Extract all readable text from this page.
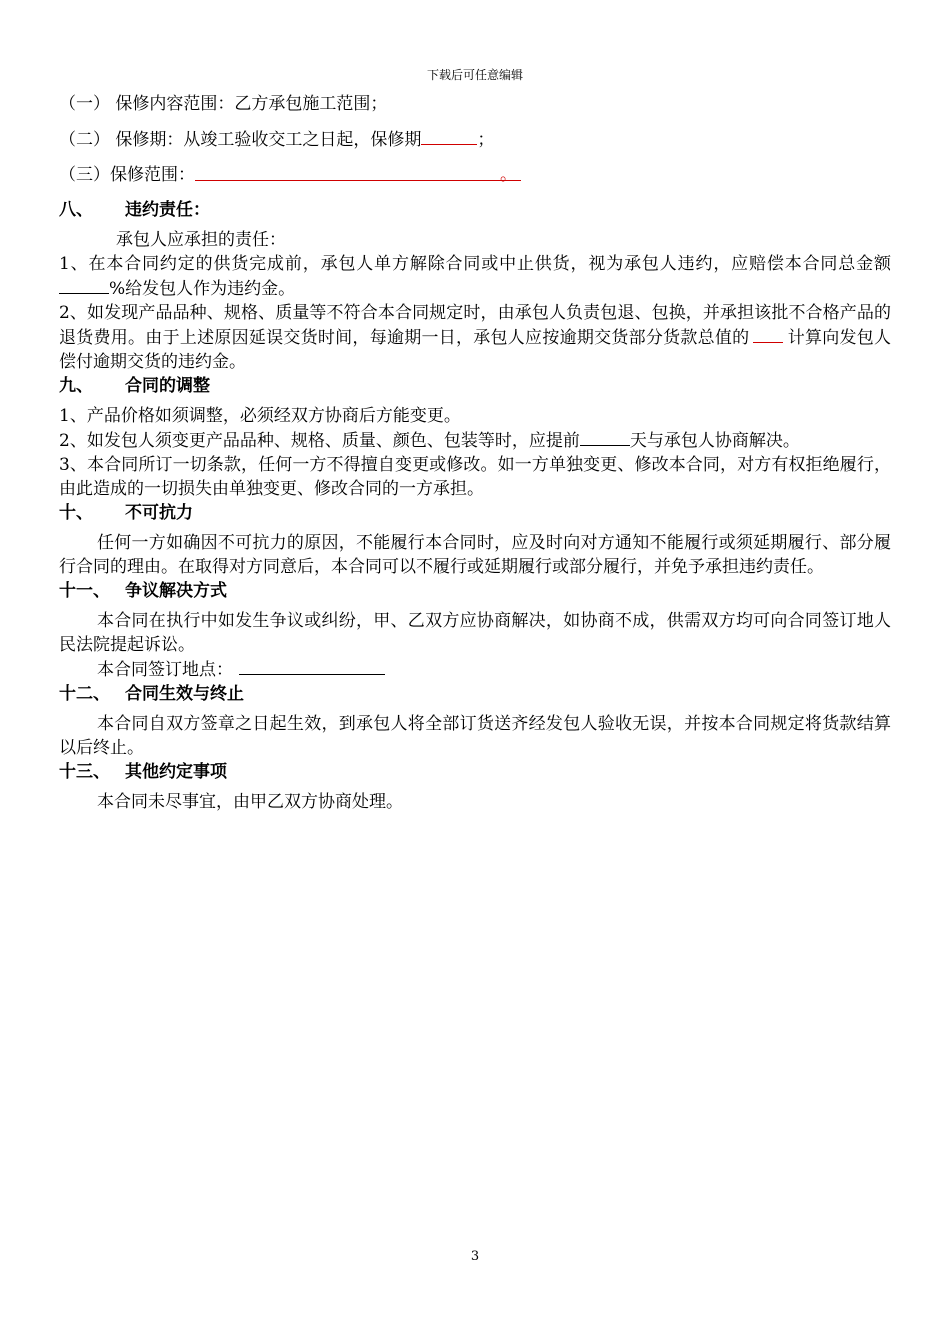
下载后可任意编辑

（一） 保修内容范围：乙方承包施工范围；

（二） 保修期：从竣工验收交工之日起，保修期	；

（三）保修范围：	。

八、 违约责任：

承包人应承担的责任：

1、在本合同约定的供货完成前，承包人单方解除合同或中止供货，视为承包人违约，应赔偿本合同总金额%给发包人作为违约金。

2、如发现产品品种、规格、质量等不符合本合同规定时，由承包人负责包退、包换，并承担该批不合格产品的退货费用。由于上述原因延误交货时间，每逾期一日，承包人应按逾期交货部分货款总值的 计算向发包人偿付逾期交货的违约金。

九、 合同的调整

1、产品价格如须调整，必须经双方协商后方能变更。

2、如发包人须变更产品品种、规格、质量、颜色、包装等时，应提前	天与承包人协商解决。

3、本合同所订一切条款，任何一方不得擅自变更或修改。如一方单独变更、修改本合同，对方有权拒绝履行，由此造成的一切损失由单独变更、修改合同的一方承担。

十、 不可抗力

任何一方如确因不可抗力的原因，不能履行本合同时，应及时向对方通知不能履行或须延期履行、部分履行合同的理由。在取得对方同意后，本合同可以不履行或延期履行或部分履行，并免予承担违约责任。

十一、 争议解决方式

本合同在执行中如发生争议或纠纷，甲、乙双方应协商解决，如协商不成，供需双方均可向合同签订地人民法院提起诉讼。

本合同签订地点：

十二、 合同生效与终止

本合同自双方签章之日起生效，到承包人将全部订货送齐经发包人验收无误，并按本合同规定将货款结算以后终止。

十三、 其他约定事项

本合同未尽事宜，由甲乙双方协商处理。

3
